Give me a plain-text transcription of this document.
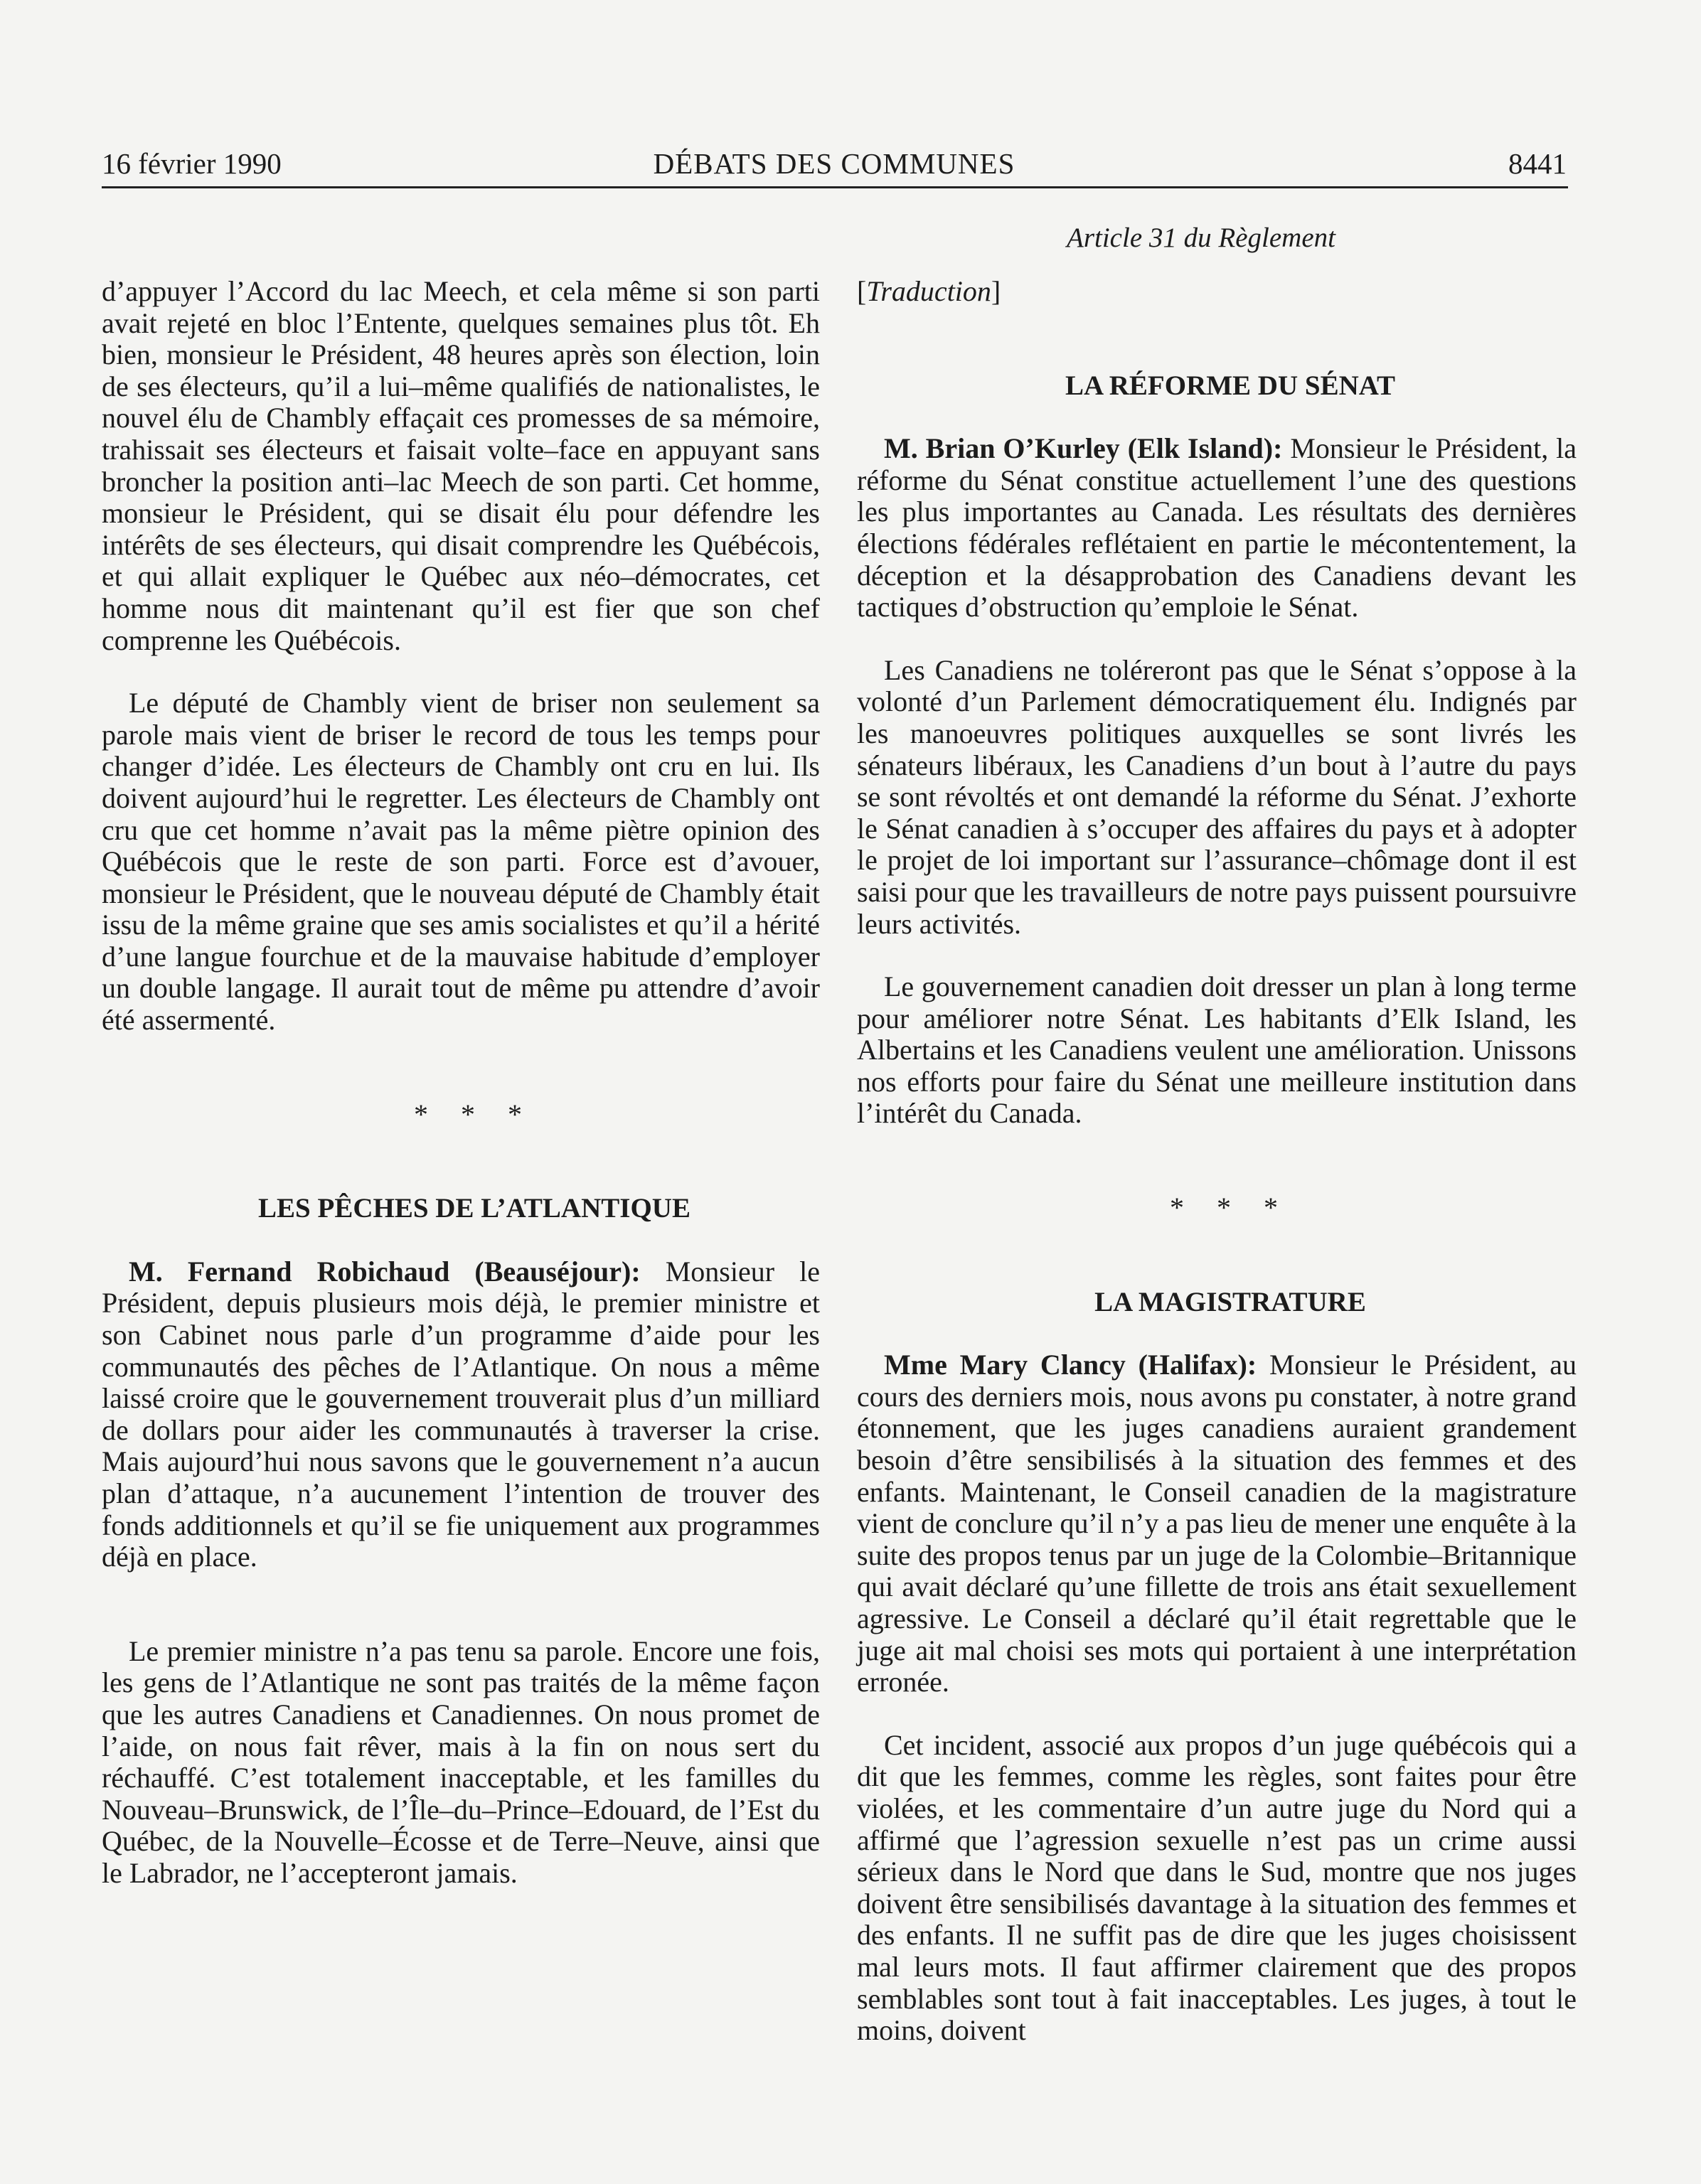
16 février 1990	DÉBATS DES COMMUNES	8441
Article 31 du Règlement

d’appuyer l’Accord du lac Meech, et cela même si son parti avait rejeté en bloc l’Entente, quelques semaines plus tôt. Eh bien, monsieur le Président, 48 heures après son élection, loin de ses électeurs, qu’il a lui–même qualifiés de nationalistes, le nouvel élu de Chambly effaçait ces promesses de sa mémoire, trahissait ses électeurs et faisait volte–face en appuyant sans broncher la position anti–lac Meech de son parti. Cet homme, monsieur le Président, qui se disait élu pour défendre les intérêts de ses électeurs, qui disait comprendre les Québécois, et qui allait expliquer le Québec aux néo–démocrates, cet homme nous dit maintenant qu’il est fier que son chef comprenne les Québécois.

Le député de Chambly vient de briser non seulement sa parole mais vient de briser le record de tous les temps pour changer d’idée. Les électeurs de Chambly ont cru en lui. Ils doivent aujourd’hui le regretter. Les électeurs de Chambly ont cru que cet homme n’avait pas la même piètre opinion des Québécois que le reste de son parti. Force est d’avouer, monsieur le Président, que le nouveau député de Chambly était issu de la même graine que ses amis socialistes et qu’il a hérité d’une langue fourchue et de la mauvaise habitude d’employer un double langage. Il aurait tout de même pu attendre d’avoir été assermenté.

* * *

LES PÊCHES DE L’ATLANTIQUE

M. Fernand Robichaud (Beauséjour): Monsieur le Président, depuis plusieurs mois déjà, le premier ministre et son Cabinet nous parle d’un programme d’aide pour les communautés des pêches de l’Atlantique. On nous a même laissé croire que le gouvernement trouverait plus d’un milliard de dollars pour aider les communautés à traverser la crise. Mais aujourd’hui nous savons que le gouvernement n’a aucun plan d’attaque, n’a aucunement l’intention de trouver des fonds additionnels et qu’il se fie uniquement aux programmes déjà en place.

Le premier ministre n’a pas tenu sa parole. Encore une fois, les gens de l’Atlantique ne sont pas traités de la même façon que les autres Canadiens et Canadiennes. On nous promet de l’aide, on nous fait rêver, mais à la fin on nous sert du réchauffé. C’est totalement inacceptable, et les familles du Nouveau–Brunswick, de l’Île–du–Prince–Edouard, de l’Est du Québec, de la Nouvelle–Écosse et de Terre–Neuve, ainsi que le Labrador, ne l’accepteront jamais.

[Traduction]

LA RÉFORME DU SÉNAT

M. Brian O’Kurley (Elk Island): Monsieur le Président, la réforme du Sénat constitue actuellement l’une des questions les plus importantes au Canada. Les résultats des dernières élections fédérales reflétaient en partie le mécontentement, la déception et la désapprobation des Canadiens devant les tactiques d’obstruction qu’emploie le Sénat.

Les Canadiens ne toléreront pas que le Sénat s’oppose à la volonté d’un Parlement démocratiquement élu. Indignés par les manoeuvres politiques auxquelles se sont livrés les sénateurs libéraux, les Canadiens d’un bout à l’autre du pays se sont révoltés et ont demandé la réforme du Sénat. J’exhorte le Sénat canadien à s’occuper des affaires du pays et à adopter le projet de loi important sur l’assurance–chômage dont il est saisi pour que les travailleurs de notre pays puissent poursuivre leurs activités.

Le gouvernement canadien doit dresser un plan à long terme pour améliorer notre Sénat. Les habitants d’Elk Island, les Albertains et les Canadiens veulent une amélioration. Unissons nos efforts pour faire du Sénat une meilleure institution dans l’intérêt du Canada.

* * *

LA MAGISTRATURE

Mme Mary Clancy (Halifax): Monsieur le Président, au cours des derniers mois, nous avons pu constater, à notre grand étonnement, que les juges canadiens auraient grandement besoin d’être sensibilisés à la situation des femmes et des enfants. Maintenant, le Conseil canadien de la magistrature vient de conclure qu’il n’y a pas lieu de mener une enquête à la suite des propos tenus par un juge de la Colombie–Britannique qui avait déclaré qu’une fillette de trois ans était sexuellement agressive. Le Conseil a déclaré qu’il était regrettable que le juge ait mal choisi ses mots qui portaient à une interprétation erronée.

Cet incident, associé aux propos d’un juge québécois qui a dit que les femmes, comme les règles, sont faites pour être violées, et les commentaire d’un autre juge du Nord qui a affirmé que l’agression sexuelle n’est pas un crime aussi sérieux dans le Nord que dans le Sud, montre que nos juges doivent être sensibilisés davantage à la situation des femmes et des enfants. Il ne suffit pas de dire que les juges choisissent mal leurs mots. Il faut affirmer clairement que des propos semblables sont tout à fait inacceptables. Les juges, à tout le moins, doivent
